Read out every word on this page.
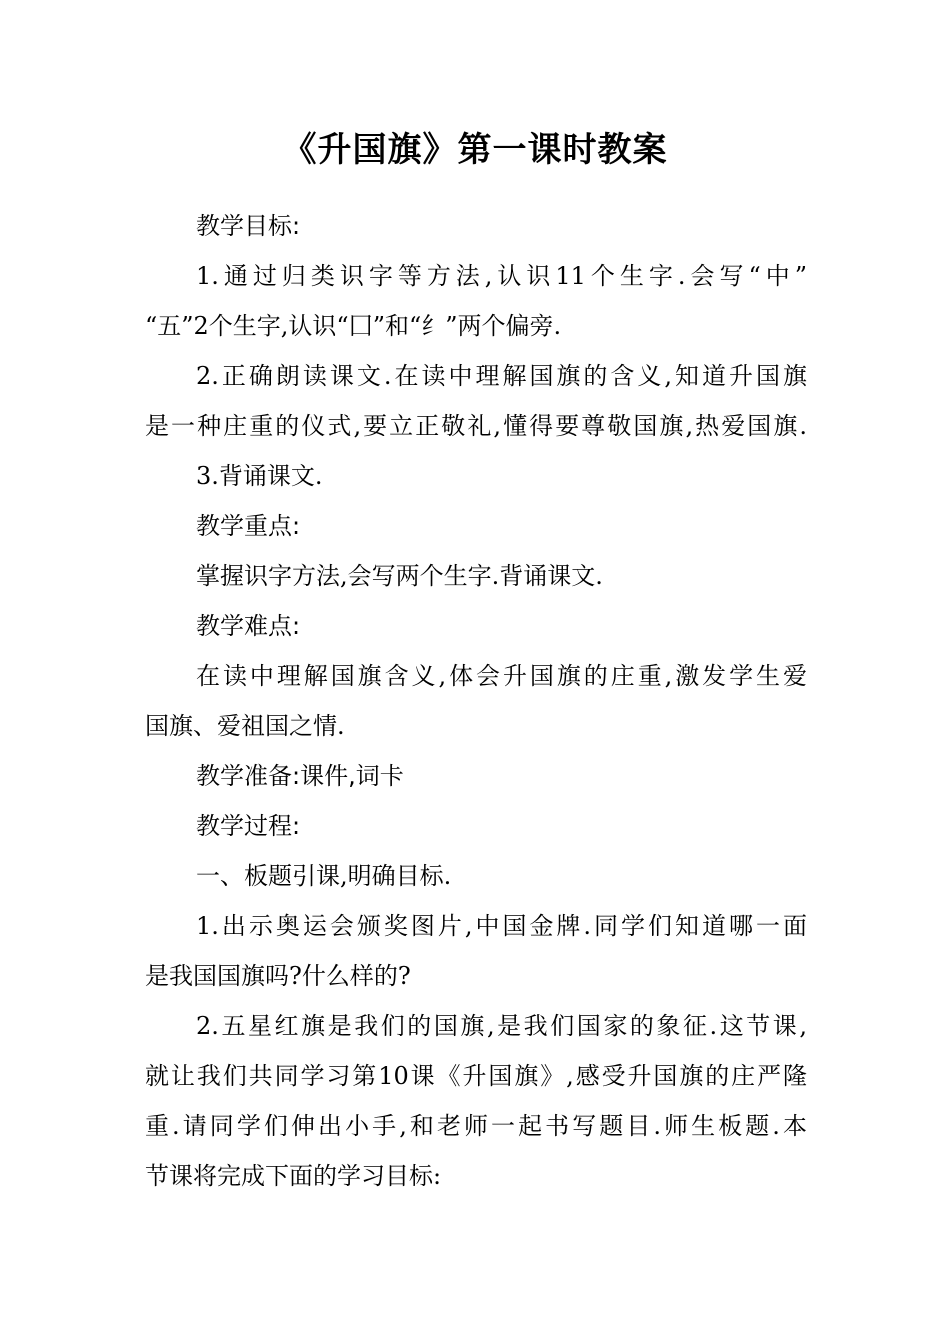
《升国旗》第一课时教案
教学目标:
1.通过归类识字等方法,认识11个生字.会写“中”
“五”2个生字,认识“囗”和“纟”两个偏旁.
2.正确朗读课文.在读中理解国旗的含义,知道升国旗
是一种庄重的仪式,要立正敬礼,懂得要尊敬国旗,热爱国旗.
3.背诵课文.
教学重点:
掌握识字方法,会写两个生字.背诵课文.
教学难点:
在读中理解国旗含义,体会升国旗的庄重,激发学生爱
国旗、爱祖国之情.
教学准备:课件,词卡
教学过程:
一、板题引课,明确目标.
1.出示奥运会颁奖图片,中国金牌.同学们知道哪一面
是我国国旗吗?什么样的?
2.五星红旗是我们的国旗,是我们国家的象征.这节课,
就让我们共同学习第10课《升国旗》,感受升国旗的庄严隆
重.请同学们伸出小手,和老师一起书写题目.师生板题.本
节课将完成下面的学习目标:
